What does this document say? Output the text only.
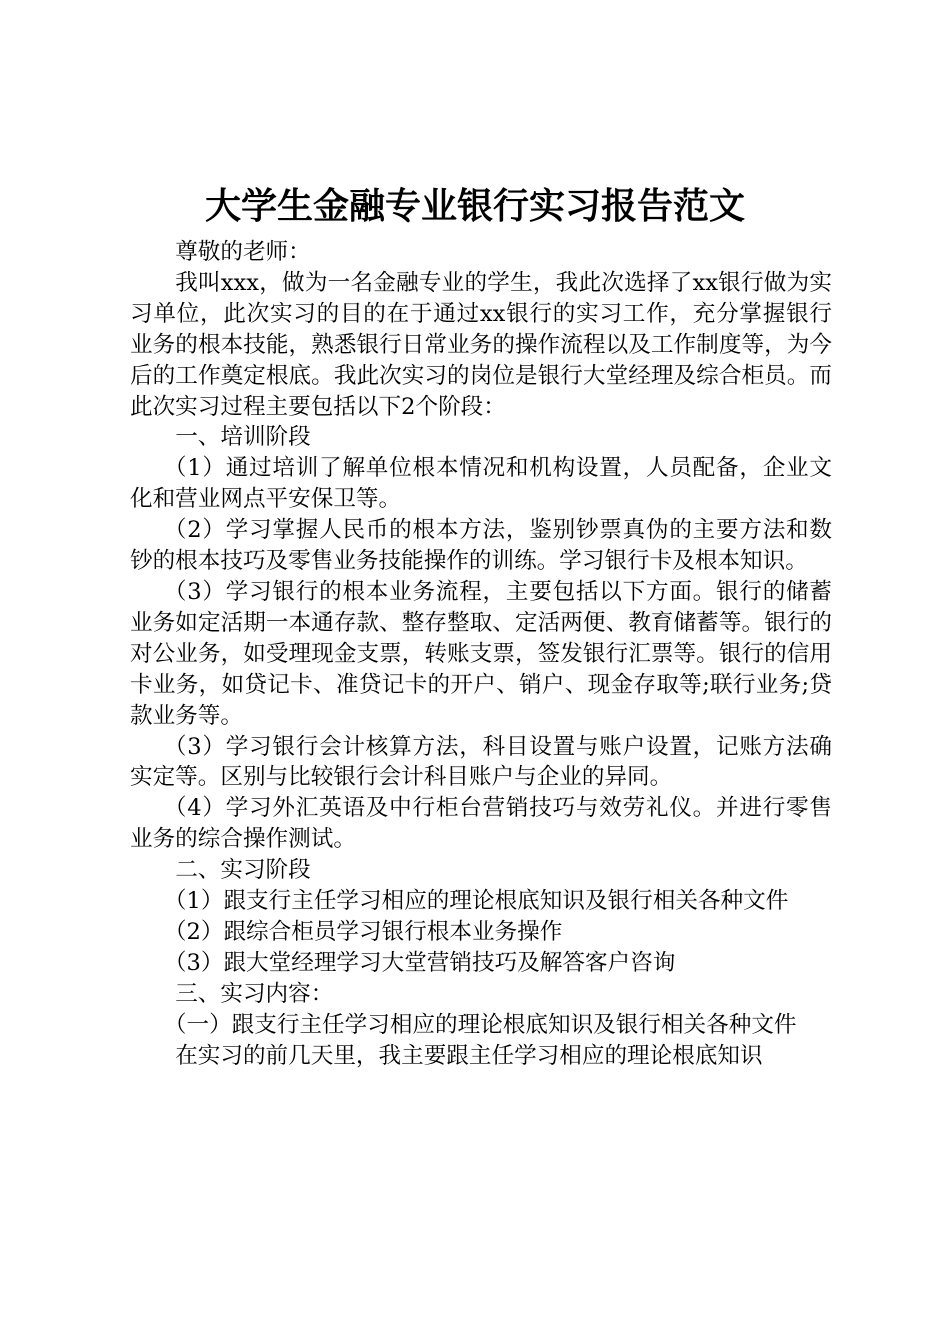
大学生金融专业银行实习报告范文

尊敬的老师：

我叫xxx，做为一名金融专业的学生，我此次选择了xx银行做为实习单位，此次实习的目的在于通过xx银行的实习工作，充分掌握银行业务的根本技能，熟悉银行日常业务的操作流程以及工作制度等，为今后的工作奠定根底。我此次实习的岗位是银行大堂经理及综合柜员。而此次实习过程主要包括以下2个阶段：

一、培训阶段

（1）通过培训了解单位根本情况和机构设置，人员配备，企业文化和营业网点平安保卫等。

（2）学习掌握人民币的根本方法，鉴别钞票真伪的主要方法和数钞的根本技巧及零售业务技能操作的训练。学习银行卡及根本知识。

（3）学习银行的根本业务流程，主要包括以下方面。银行的储蓄业务如定活期一本通存款、整存整取、定活两便、教育储蓄等。银行的对公业务，如受理现金支票，转账支票，签发银行汇票等。银行的信用卡业务，如贷记卡、准贷记卡的开户、销户、现金存取等;联行业务;贷款业务等。

（3）学习银行会计核算方法，科目设置与账户设置，记账方法确实定等。区别与比较银行会计科目账户与企业的异同。

（4）学习外汇英语及中行柜台营销技巧与效劳礼仪。并进行零售业务的综合操作测试。

二、实习阶段

（1）跟支行主任学习相应的理论根底知识及银行相关各种文件

（2）跟综合柜员学习银行根本业务操作

（3）跟大堂经理学习大堂营销技巧及解答客户咨询

三、实习内容：

（一）跟支行主任学习相应的理论根底知识及银行相关各种文件

在实习的前几天里，我主要跟主任学习相应的理论根底知识
